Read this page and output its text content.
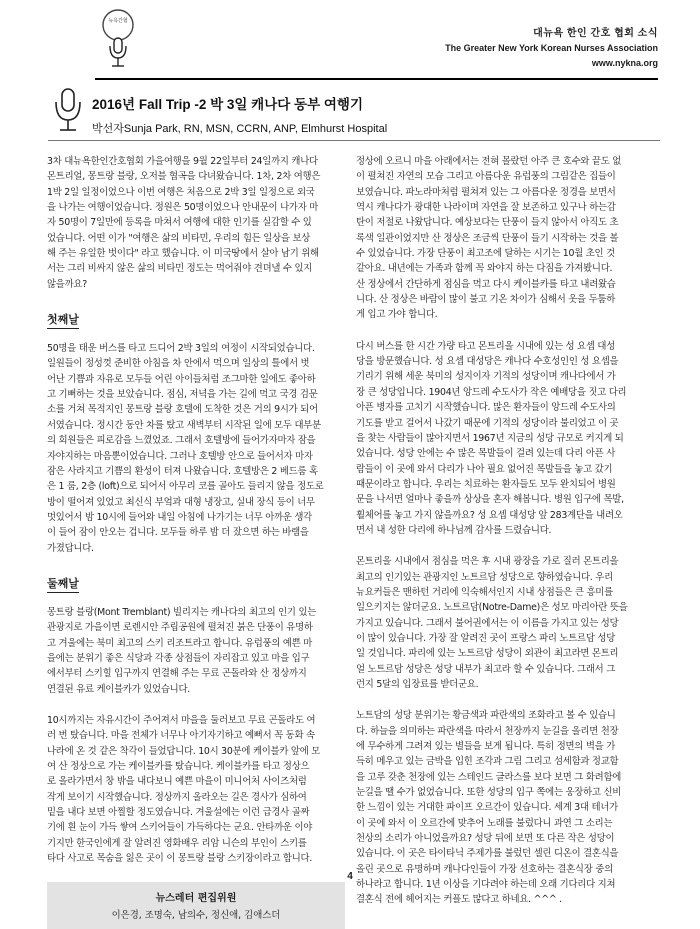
뉴욕간협
대뉴욕 한인 간호 협회 소식
The Greater New York Korean Nurses Association
www.nykna.org
2016년 Fall Trip -2 박 3일 캐나다 동부 여행기
박선자Sunja Park, RN, MSN, CCRN, ANP, Elmhurst Hospital

3차 대뉴욕한인간호협회 가을여행을 9월 22일부터 24일까지 캐나다
몬트리얼, 몽트랑 블랑, 오저블 협곡을 다녀왔습니다. 1차, 2차 여행은
1박 2일 일정이었으나 이번 여행은 처음으로 2박 3일 일정으로 외국
을 나가는 여행이었습니다. 정원은 50명이었으나 안내문이 나가자 마
자 50명이 7일만에 등록을 마쳐서 여행에 대한 인기를 실감할 수 있
었습니다. 어떤 이가 "여행은 삶의 비타민, 우리의 힘든 일상을 보상
해 주는 유일한 벗이다" 라고 했습니다. 이 미국땅에서 살아 남기 위해
서는 그리 비싸지 않은 삶의 비타민 정도는 먹어줘야 견뎌낼 수 있지
않을까요?

첫째날

50명을 태운 버스를 타고 드디어 2박 3일의 여정이 시작되었습니다.
일원들이 정성껏 준비한 아침을 차 안에서 먹으며 일상의 틀에서 벗
어난 기쁨과 자유로 모두들 어린 아이들처럼 조그마한 일에도 좋아하
고 기뻐하는 것을 보았습니다. 점심, 저녁을 가는 길에 먹고 국경 검문
소를 거쳐 목적지인 몽트랑 블랑 호텔에 도착한 것은 거의 9시가 되어
서였습니다. 정시간 동안 차를 탔고 새벽부터 시작된 일에 모두 대부분
의 회원들은 피로감을 느꼈었죠. 그래서 호텔방에 들어가자마자 잠을
자야지하는 마음뿐이었습니다. 그러나 호텔방 안으로 들어서자 마자
잠은 사라지고 기쁨의 환성이 터져 나왔습니다. 호텔방은 2 베드룸 혹
은 1 룸, 2층 (loft)으로 되어서 아무리 코를 골아도 들리지 않을 정도로
방이 떨어져 있었고 최신식 부엌과 대형 냉장고, 실내 장식 등이 너무
멋있어서 밤 10시에 들어와 내일 아침에 나가기는 너무 아까운 생각
이 들어 잠이 안오는 겁니다. 모두들 하루 밤 더 잤으면 하는 바램을
가졌답니다.

둘째날

몽트랑 블랑(Mont Tremblant) 빌리지는 캐나다의 최고의 인기 있는
관광지로 가을이면 로렌시안 주립공원에 펼쳐진 붉은 단풍이 유명하
고 겨울에는 북미 최고의 스키 리조트라고 합니다. 유럽풍의 예쁜 마
을에는 분위기 좋은 식당과 각종 상점들이 자리잡고 있고 마을 입구
에서부터 스키힐 입구까지 연결해 주는 무료 곤돌라와 산 정상까지
연결된 유료 케이블카가 있었습니다.

10시까지는 자유시간이 주어져서 마을을 둘러보고 무료 곤돌라도 여
러 번 탔습니다. 마을 전체가 너무나 아기자기하고 예뻐서 꼭 동화 속
나라에 온 것 같은 착각이 들었답니다. 10시 30분에 케이블카 앞에 모
여 산 정상으로 가는 케이블카를 탔습니다. 케이블카를 타고 정상으
로 올라가면서 창 밖을 내다보니 예쁜 마을이 미니어처 사이즈처럼
작게 보이기 시작했습니다. 정상까지 올라오는 길은 경사가 심하여
밑을 내다 보면 아찔할 정도였습니다. 겨울설에는 이런 급경사 골짜
기에 흰 눈이 가득 쌓여 스키어들이 가득하다는 군요. 안타까운 이야
기지만 한국인에게 잘 알려진 영화배우 리암 니슨의 부인이 스키를
타다 사고로 목숨을 잃은 곳이 이 몽트랑 블랑 스키장이라고 합니다.

뉴스레터 편집위원
이은경, 조명숙, 남의수, 정신애, 김애스더

정상에 오르니 마을 아래에서는 전혀 몰랐던 아주 큰 호수와 끝도 없
이 펼쳐진 자연의 모습 그리고 아름다운 유럽풍의 그림같은 집들이
보였습니다. 파노라마처럼 펼쳐져 있는 그 아름다운 정경을 보면서
역시 캐나다가 광대한 나라이며 자연을 잘 보존하고 있구나 하는감
탄이 저절로 나왔답니다. 예상보다는 단풍이 들지 않아서 아직도 초
록색 일관이었지만 산 정상은 조금씩 단풍이 들기 시작하는 것을 볼
수 있었습니다. 가장 단풍이 최고조에 달하는 시기는 10월 초인 것
같아요. 내년에는 가족과 함께 꼭 와야지 하는 다짐을 가져봤니다.
산 정상에서 간단하게 점심을 먹고 다시 케이블카를 타고 내려왔습
니다. 산 정상은 바람이 많이 불고 기온 차이가 심해서 옷을 두툼하
게 입고 가야 합니다.

다시 버스를 한 시간 가량 타고 몬트리올 시내에 있는 성 요셉 대성
당을 방문했습니다. 성 요셉 대성당은 캐나다 수호성인인 성 요셉을
기리기 위해 세운 북미의 성지이자 기적의 성당이며 캐나다에서 가
장 큰 성당입니다. 1904년 앙드레 수도사가 작은 예배당을 짓고 다리
아픈 병자를 고치기 시작했습니다. 많은 환자들이 앙드레 수도사의
기도를 받고 걸어서 나갔기 때문에 기적의 성당이라 불리었고 이 곳
을 찾는 사람들이 많아지면서 1967년 지금의 성당 규모로 커지게 되
었습니다. 성당 안에는 수 많은 목발들이 걸려 있는데 다리 아픈 사
람들이 이 곳에 와서 다리가 나아 필요 없어진 목발들을 놓고 갔기
때문이라고 합니다. 우리는 치료하는 환자들도 모두 완치되어 병원
문을 나서면 얼마나 좋을까 상상을 혼자 해봅니다. 병원 입구에 목발,
휠체어를 놓고 가지 않을까요? 성 요셉 대성당 앞 283계단을 내려오
면서 내 성한 다리에 하나님께 감사를 드렸습니다.

몬트리올 시내에서 점심을 먹은 후 시내 광장을 가로 질러 몬트리올
최고의 인기있는 관광지인 노트르담 성당으로 향하였습니다. 우리
뉴요커들은 맨하턴 거리에 익숙해서인지 시내 상점들은 큰 흥미를
일으키지는 않더군요. 노트르담(Notre-Dame)은 성모 마리아란 뜻을
가지고 있습니다. 그래서 불어권에서는 이 이름을 가지고 있는 성당
이 많이 있습니다. 가장 잘 알려진 곳이 프랑스 파리 노트르담 성당
일 것입니다. 파리에 있는 노트르담 성당이 외관이 최고라면 몬트리
얼 노트르담 성당은 성당 내부가 최고라 할 수 있습니다. 그래서 그
런지 5달의 입장료를 받더군요.

노트담의 성당 분위기는 황금색과 파란색의 조화라고 볼 수 있습니
다. 하늘을 의미하는 파란색을 따라서 천장까지 눈길을 올리면 천장
에 무수하게 그려져 있는 별들을 보게 됩니다. 특히 정면의 벽을 가
득히 메우고 있는 금박을 입힌 조각과 그림 그리고 섬세함과 정교함
을 고루 갖춘 천장에 있는 스테인드 글라스를 보다 보면 그 화려함에
눈길을 땔 수가 없었습니다. 또한 성당의 입구 쪽에는 웅장하고 신비
한 느낌이 있는 거대한 파이프 오르간이 있습니다. 세계 3대 테너가
이 곳에 와서 이 오르간에 맞추어 노래를 불렀다니 과연 그 소리는
천상의 소리가 아니었을까요? 성당 뒤에 보면 또 다른 작은 성당이
있습니다. 이 곳은 타이타닉 주제가를 불렀던 셀린 디온이 결혼식을
올린 곳으로 유명하며 캐나다인들이 가장 선호하는 결혼식장 중의
하나라고 합니다. 1년 이상을 기다려야 하는데 오래 기다리다 지쳐
결혼식 전에 헤어지는 커플도 많다고 하네요. ^^^ .

4
